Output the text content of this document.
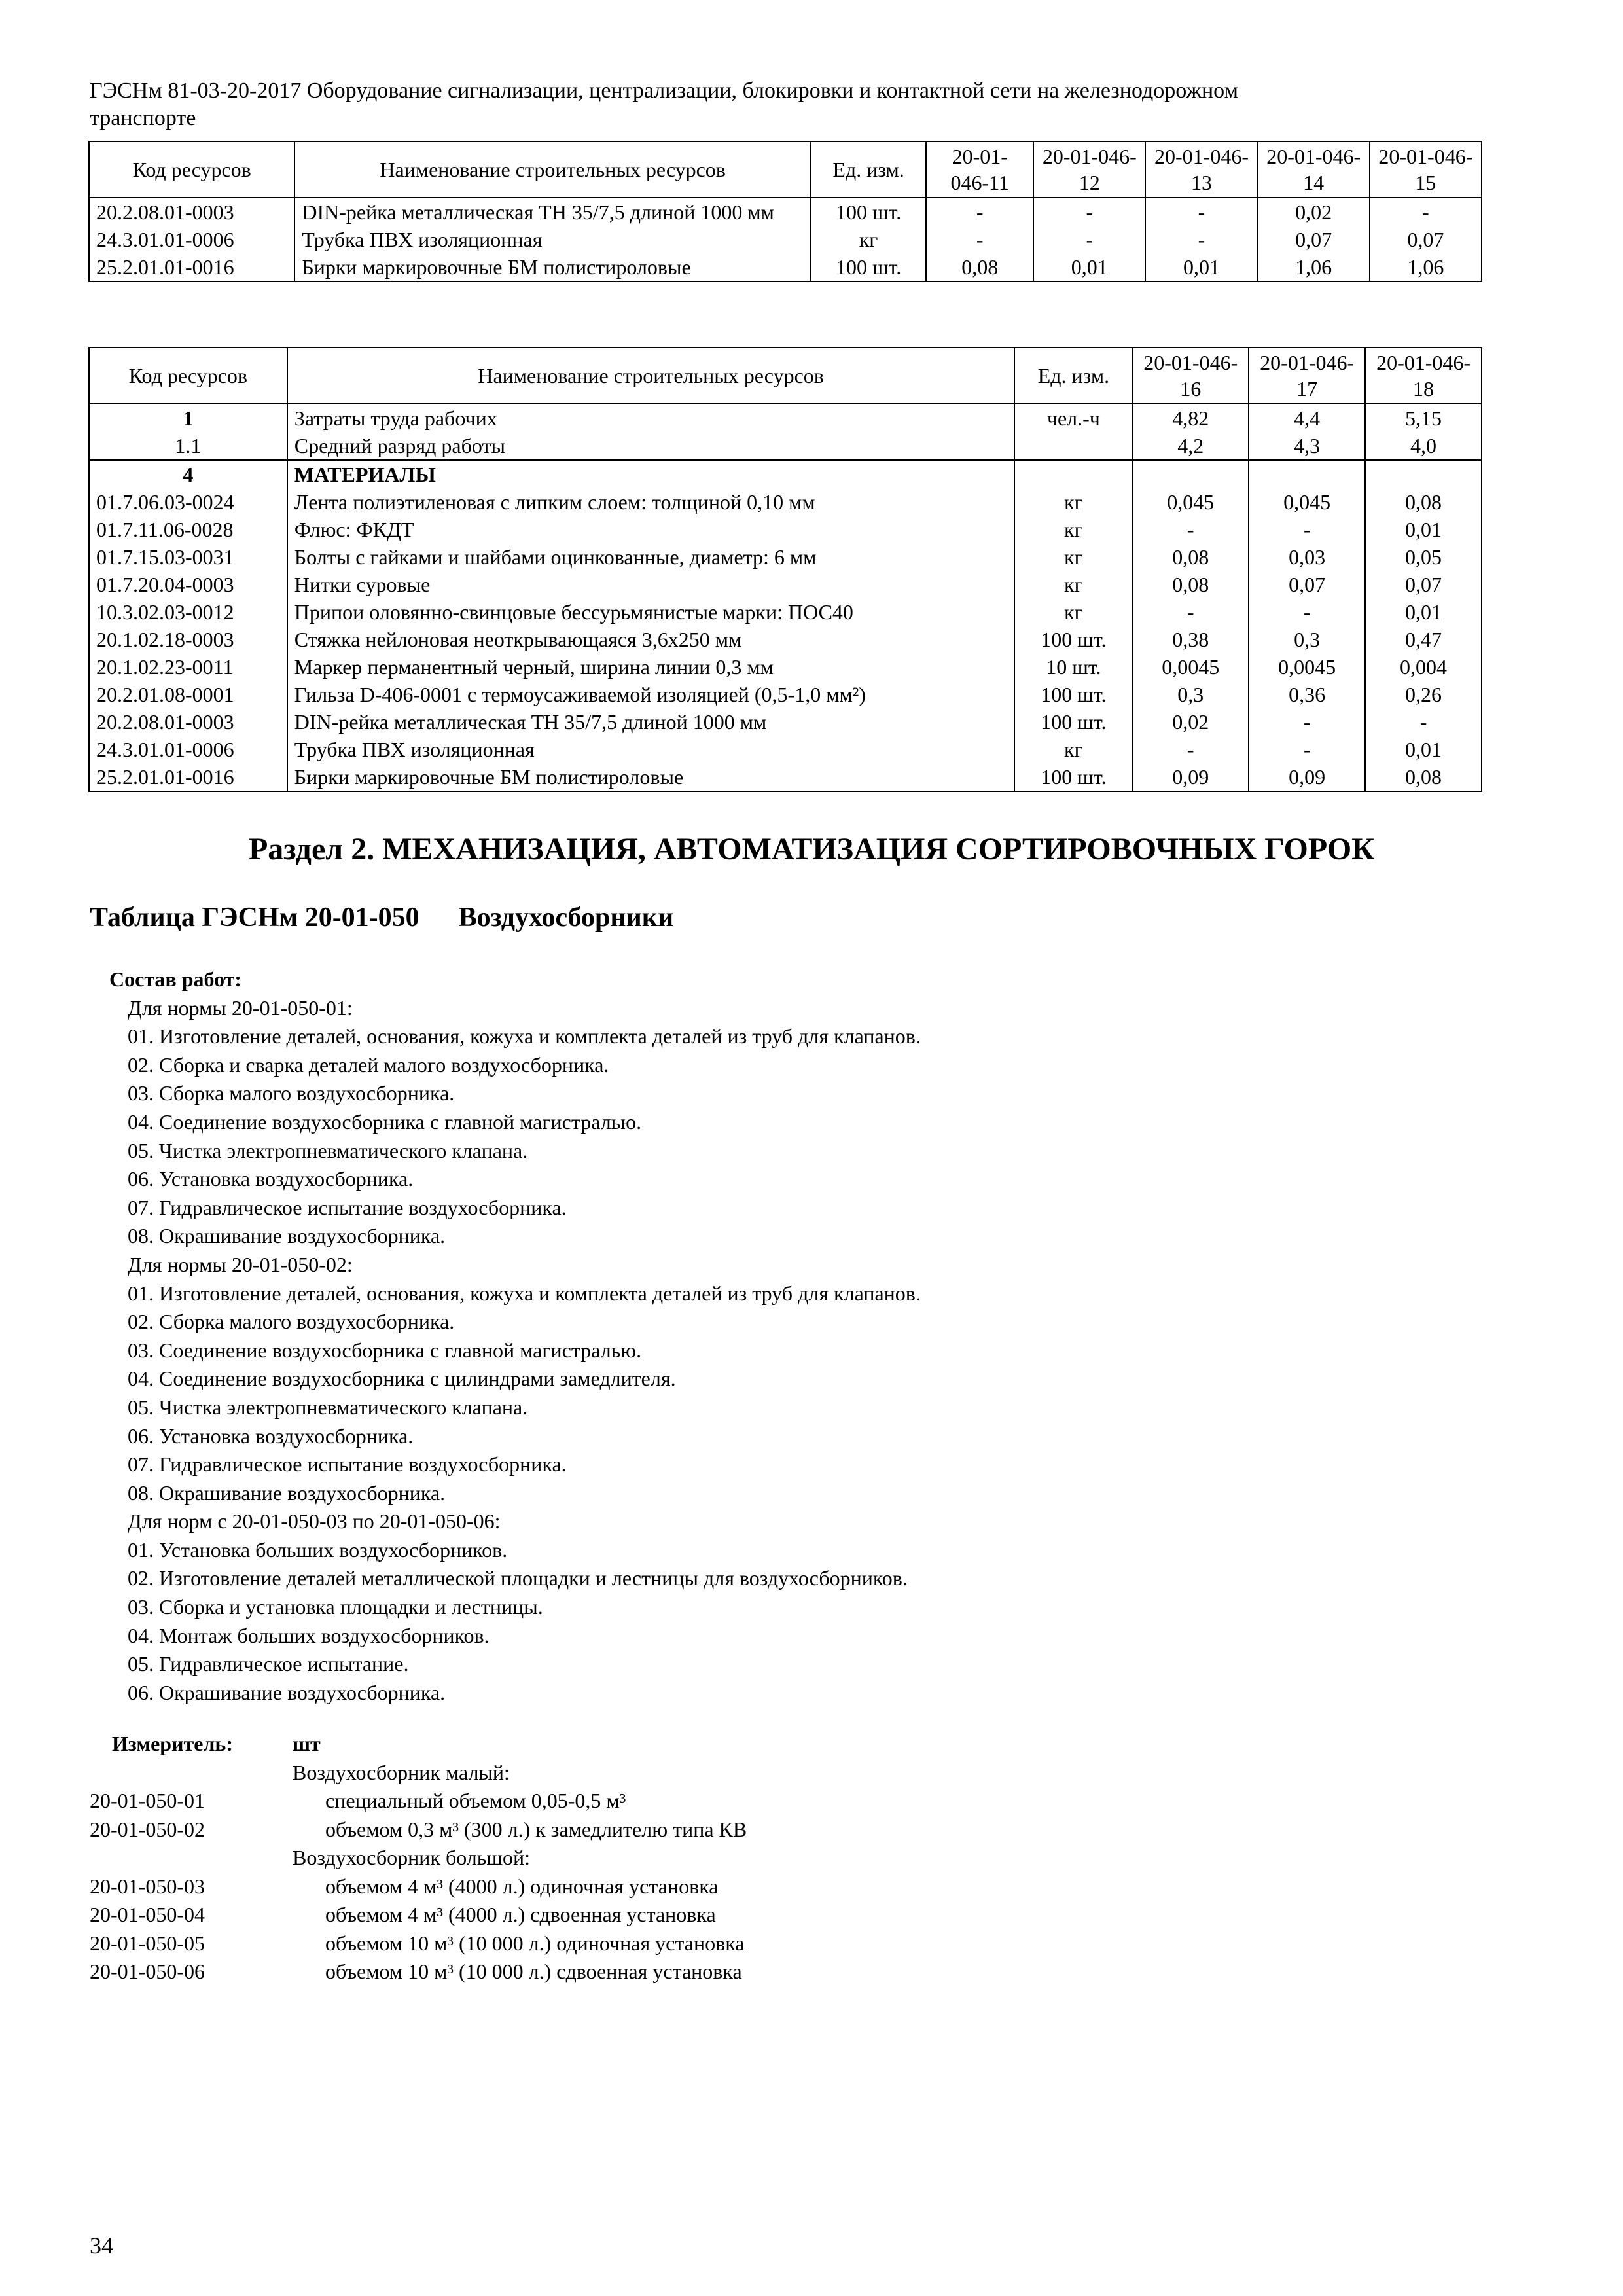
ГЭСНм 81-03-20-2017 Оборудование сигнализации, централизации, блокировки и контактной сети на железнодорожном транспорте
Код ресурсов	Наименование строительных ресурсов	Ед. изм.	20-01-046-11	20-01-046-12	20-01-046-13	20-01-046-14	20-01-046-15
20.2.08.01-0003	DIN-рейка металлическая ТН 35/7,5 длиной 1000 мм	100 шт.	-	-	-	0,02	-
24.3.01.01-0006	Трубка ПВХ изоляционная	кг	-	-	-	0,07	0,07
25.2.01.01-0016	Бирки маркировочные БМ полистироловые	100 шт.	0,08	0,01	0,01	1,06	1,06
Код ресурсов	Наименование строительных ресурсов	Ед. изм.	20-01-046-16	20-01-046-17	20-01-046-18
1	Затраты труда рабочих	чел.-ч	4,82	4,4	5,15
1.1	Средний разряд работы		4,2	4,3	4,0
4	МАТЕРИАЛЫ				
01.7.06.03-0024	Лента полиэтиленовая с липким слоем: толщиной 0,10 мм	кг	0,045	0,045	0,08
01.7.11.06-0028	Флюс: ФКДТ	кг	-	-	0,01
01.7.15.03-0031	Болты с гайками и шайбами оцинкованные, диаметр: 6 мм	кг	0,08	0,03	0,05
01.7.20.04-0003	Нитки суровые	кг	0,08	0,07	0,07
10.3.02.03-0012	Припои оловянно-свинцовые бессурьмянистые марки: ПОС40	кг	-	-	0,01
20.1.02.18-0003	Стяжка нейлоновая неоткрывающаяся 3,6х250 мм	100 шт.	0,38	0,3	0,47
20.1.02.23-0011	Маркер перманентный черный, ширина линии 0,3 мм	10 шт.	0,0045	0,0045	0,004
20.2.01.08-0001	Гильза D-406-0001 с термоусаживаемой изоляцией (0,5-1,0 мм²)	100 шт.	0,3	0,36	0,26
20.2.08.01-0003	DIN-рейка металлическая ТН 35/7,5 длиной 1000 мм	100 шт.	0,02	-	-
24.3.01.01-0006	Трубка ПВХ изоляционная	кг	-	-	0,01
25.2.01.01-0016	Бирки маркировочные БМ полистироловые	100 шт.	0,09	0,09	0,08
Раздел 2. МЕХАНИЗАЦИЯ, АВТОМАТИЗАЦИЯ СОРТИРОВОЧНЫХ ГОРОК
Таблица ГЭСНм 20-01-050 Воздухосборники
Состав работ:
Для нормы 20-01-050-01:
01. Изготовление деталей, основания, кожуха и комплекта деталей из труб для клапанов.
02. Сборка и сварка деталей малого воздухосборника.
03. Сборка малого воздухосборника.
04. Соединение воздухосборника с главной магистралью.
05. Чистка электропневматического клапана.
06. Установка воздухосборника.
07. Гидравлическое испытание воздухосборника.
08. Окрашивание воздухосборника.
Для нормы 20-01-050-02:
01. Изготовление деталей, основания, кожуха и комплекта деталей из труб для клапанов.
02. Сборка малого воздухосборника.
03. Соединение воздухосборника с главной магистралью.
04. Соединение воздухосборника с цилиндрами замедлителя.
05. Чистка электропневматического клапана.
06. Установка воздухосборника.
07. Гидравлическое испытание воздухосборника.
08. Окрашивание воздухосборника.
Для норм с 20-01-050-03 по 20-01-050-06:
01. Установка больших воздухосборников.
02. Изготовление деталей металлической площадки и лестницы для воздухосборников.
03. Сборка и установка площадки и лестницы.
04. Монтаж больших воздухосборников.
05. Гидравлическое испытание.
06. Окрашивание воздухосборника.
Измеритель:	шт
Воздухосборник малый:
20-01-050-01	специальный объемом 0,05-0,5 м³
20-01-050-02	объемом 0,3 м³ (300 л.) к замедлителю типа КВ
Воздухосборник большой:
20-01-050-03	объемом 4 м³ (4000 л.) одиночная установка
20-01-050-04	объемом 4 м³ (4000 л.) сдвоенная установка
20-01-050-05	объемом 10 м³ (10 000 л.) одиночная установка
20-01-050-06	объемом 10 м³ (10 000 л.) сдвоенная установка
34
